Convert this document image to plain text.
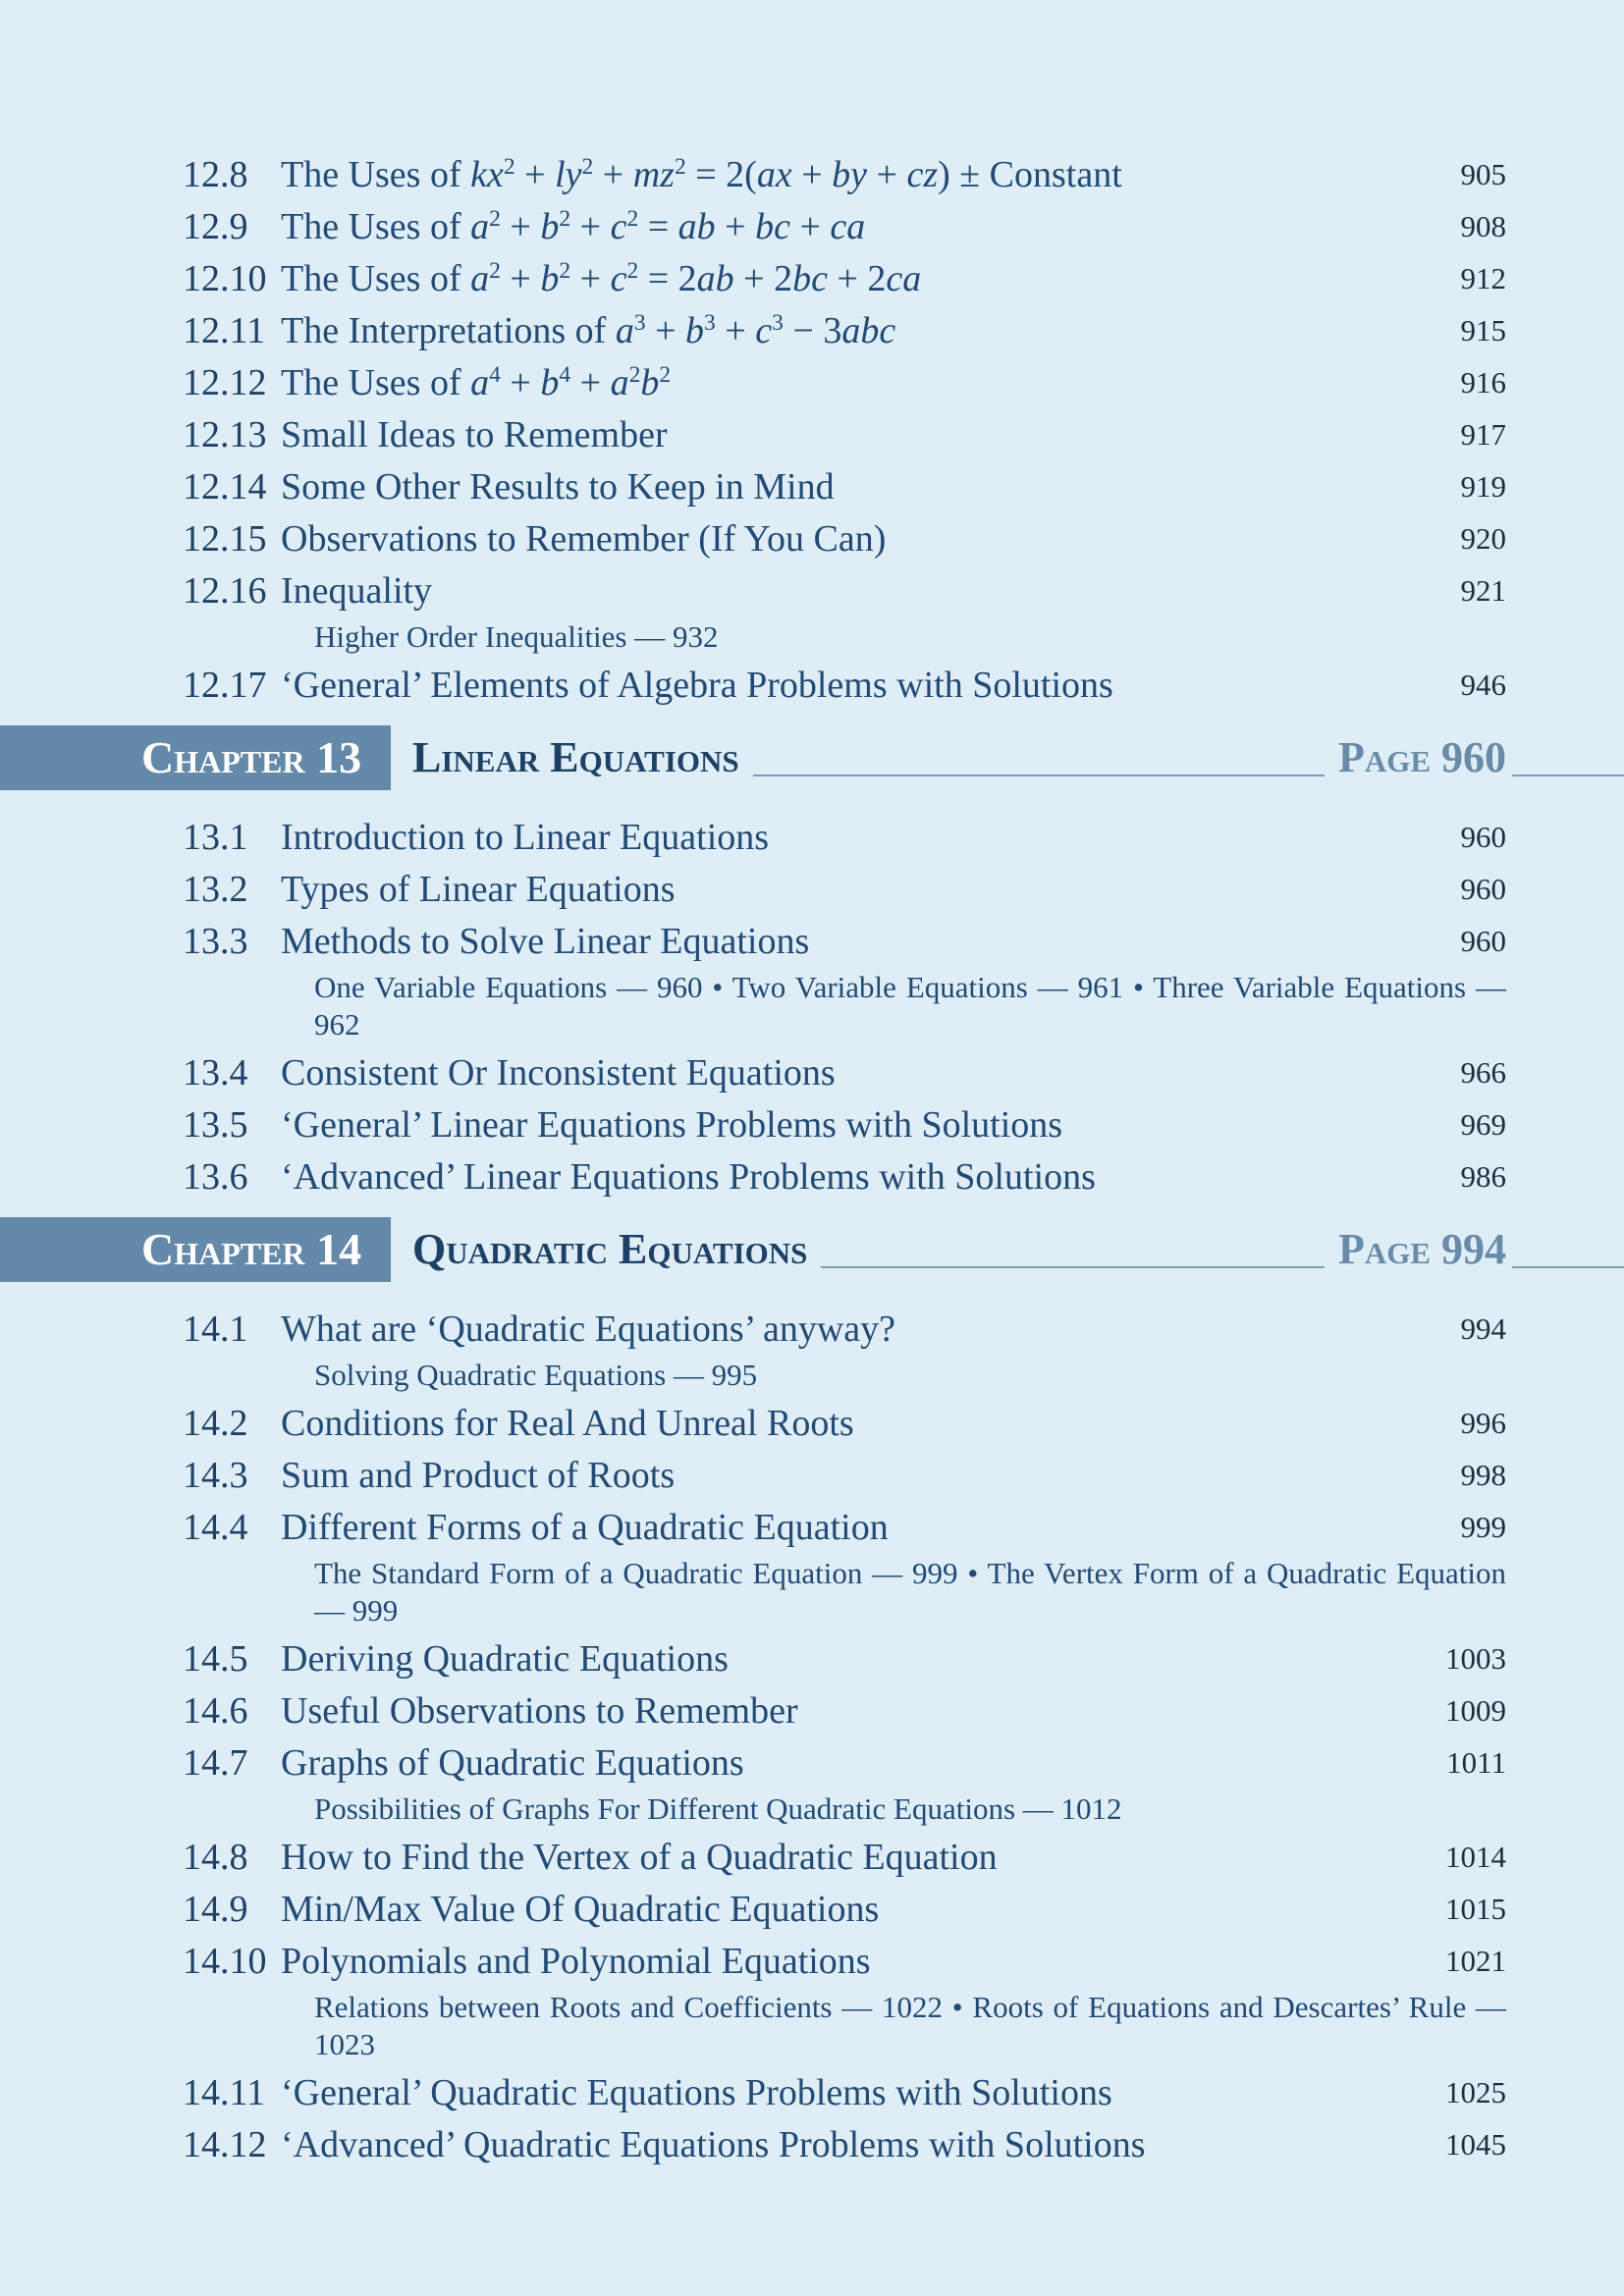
12.8 The Uses of $kx^2 + ly^2 + mz^2 = 2(ax$ + by + cz) ± Constant	905
12.9 The Uses of $a^2 + b^2 + c^2$ = ab + bc + ca	908
12.10 The Uses of $a^2 + b^2 + c^2 = 2ab + 2bc + 2ca$	912
12.11 The Interpretations of $a^3 + b^3 + c^3 - 3abc$	915
12.12 The Uses of $a^4 + b^4 + a^2b^2$	916
12.13 Small Ideas to Remember	917
12.14 Some Other Results to Keep in Mind	919
12.15 Observations to Remember (If You Can)	920
12.16 Inequality	921
Higher Order Inequalities — 932
12.17 ‘General’ Elements of Algebra Problems with Solutions	946
Chapter 13	Linear Equations	Page 960
13.1 Introduction to Linear Equations	960
13.2 Types of Linear Equations	960
13.3 Methods to Solve Linear Equations	960
One Variable Equations — 960 • Two Variable Equations — 961 • Three Variable Equations — 962
13.4 Consistent Or Inconsistent Equations	966
13.5 ‘General’ Linear Equations Problems with Solutions	969
13.6 ‘Advanced’ Linear Equations Problems with Solutions	986
Chapter 14	Quadratic Equations	Page 994
14.1 What are ‘Quadratic Equations’ anyway?	994
Solving Quadratic Equations — 995
14.2 Conditions for Real And Unreal Roots	996
14.3 Sum and Product of Roots	998
14.4 Different Forms of a Quadratic Equation	999
The Standard Form of a Quadratic Equation — 999 • The Vertex Form of a Quadratic Equation — 999
14.5 Deriving Quadratic Equations	1003
14.6 Useful Observations to Remember	1009
14.7 Graphs of Quadratic Equations	1011
Possibilities of Graphs For Different Quadratic Equations — 1012
14.8 How to Find the Vertex of a Quadratic Equation	1014
14.9 Min/Max Value Of Quadratic Equations	1015
14.10 Polynomials and Polynomial Equations	1021
Relations between Roots and Coefficients — 1022 • Roots of Equations and Descartes’ Rule — 1023
14.11 ‘General’ Quadratic Equations Problems with Solutions	1025
14.12 ‘Advanced’ Quadratic Equations Problems with Solutions	1045
